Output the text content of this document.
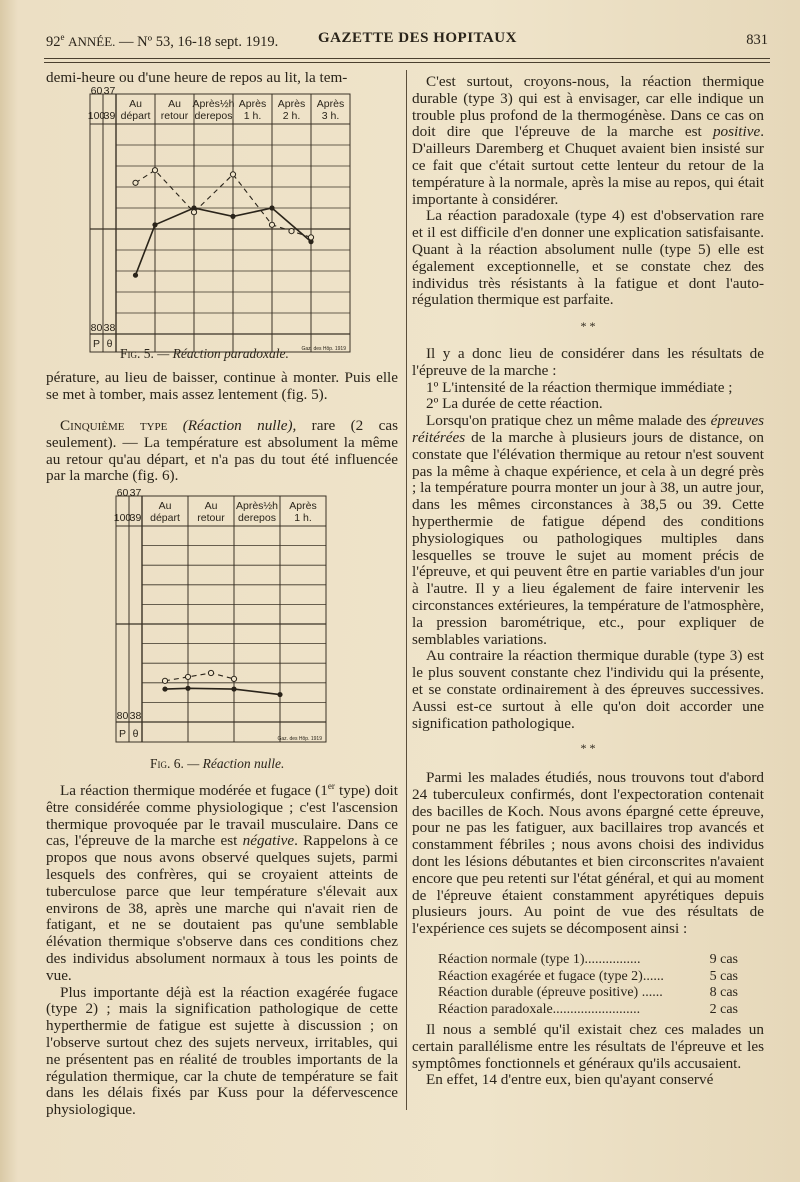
92e ANNÉE. — Nº 53, 16-18 sept. 1919.	GAZETTE DES HOPITAUX	831

demi-heure ou d'une heure de repos au lit, la tem-

Au
départ
Au
retour
Après½h
derepos
Après
1 h.
Après
2 h.
Après
3 h.
100
39
80 38
60 37
P θ	Gaz. des Hôp. 1919
Fig. 5. — Réaction paradoxale.

pérature, au lieu de baisser, continue à monter. Puis elle se met à tomber, mais assez lentement (fig. 5).

Cinquième type (Réaction nulle), rare (2 cas seulement). — La température est absolument la même au retour qu'au départ, et n'a pas du tout été influencée par la marche (fig. 6).

Au
départ
Au
retour
Après½h
derepos
Après
1 h.
100
39
80 38
60 37
P θ	Gaz. des Hôp. 1919
Fig. 6. — Réaction nulle.

La réaction thermique modérée et fugace (1er type) doit être considérée comme physiologique ; c'est l'ascension thermique provoquée par le travail musculaire. Dans ce cas, l'épreuve de la marche est négative. Rappelons à ce propos que nous avons observé quelques sujets, parmi lesquels des confrères, qui se croyaient atteints de tuberculose parce que leur température s'élevait aux environs de 38, après une marche qui n'avait rien de fatigant, et ne se doutaient pas qu'une semblable élévation thermique s'observe dans ces conditions chez des individus absolument normaux à tous les points de vue.

Plus importante déjà est la réaction exagérée fugace (type 2) ; mais la signification pathologique de cette hyperthermie de fatigue est sujette à discussion ; on l'observe surtout chez des sujets nerveux, irritables, qui ne présentent pas en réalité de troubles importants de la régulation thermique, car la chute de température se fait dans les délais fixés par Kuss pour la défervescence physiologique.

C'est surtout, croyons-nous, la réaction thermique durable (type 3) qui est à envisager, car elle indique un trouble plus profond de la thermogénèse. Dans ce cas on doit dire que l'épreuve de la marche est positive. D'ailleurs Daremberg et Chuquet avaient bien insisté sur ce fait que c'était surtout cette lenteur du retour de la température à la normale, après la mise au repos, qui était importante à considérer.

La réaction paradoxale (type 4) est d'observation rare et il est difficile d'en donner une explication satisfaisante. Quant à la réaction absolument nulle (type 5) elle est également exceptionnelle, et se constate chez des individus très résistants à la fatigue et dont l'auto-régulation thermique est parfaite.

* *

Il y a donc lieu de considérer dans les résultats de l'épreuve de la marche :

1º L'intensité de la réaction thermique immédiate ;

2º La durée de cette réaction.

Lorsqu'on pratique chez un même malade des épreuves réitérées de la marche à plusieurs jours de distance, on constate que l'élévation thermique au retour n'est souvent pas la même à chaque expérience, et cela à un degré près ; la température pourra monter un jour à 38, un autre jour, dans les mêmes circonstances à 38,5 ou 39. Cette hyperthermie de fatigue dépend des conditions physiologiques ou pathologiques multiples dans lesquelles se trouve le sujet au moment précis de l'épreuve, et qui peuvent être en partie variables d'un jour à l'autre. Il y a lieu également de faire intervenir les circonstances extérieures, la température de l'atmosphère, la pression barométrique, etc., pour expliquer de semblables variations.

Au contraire la réaction thermique durable (type 3) est le plus souvent constante chez l'individu qui la présente, et se constate ordinairement à des épreuves successives. Aussi est-ce surtout à elle qu'on doit accorder une signification pathologique.

* *

Parmi les malades étudiés, nous trouvons tout d'abord 24 tuberculeux confirmés, dont l'expectoration contenait des bacilles de Koch. Nous avons épargné cette épreuve, pour ne pas les fatiguer, aux bacillaires trop avancés et constamment fébriles ; nous avons choisi des individus dont les lésions débutantes et bien circonscrites n'avaient encore que peu retenti sur l'état général, et qui au moment de l'épreuve étaient constamment apyrétiques depuis plusieurs jours. Au point de vue des résultats de l'expérience ces sujets se décomposent ainsi :

Réaction normale (type 1)................	9 cas
Réaction exagérée et fugace (type 2)......	5 cas
Réaction durable (épreuve positive) ......	8 cas
Réaction paradoxale.........................	2 cas

Il nous a semblé qu'il existait chez ces malades un certain parallélisme entre les résultats de l'épreuve et les symptômes fonctionnels et généraux qu'ils accusaient.

En effet, 14 d'entre eux, bien qu'ayant conservé
